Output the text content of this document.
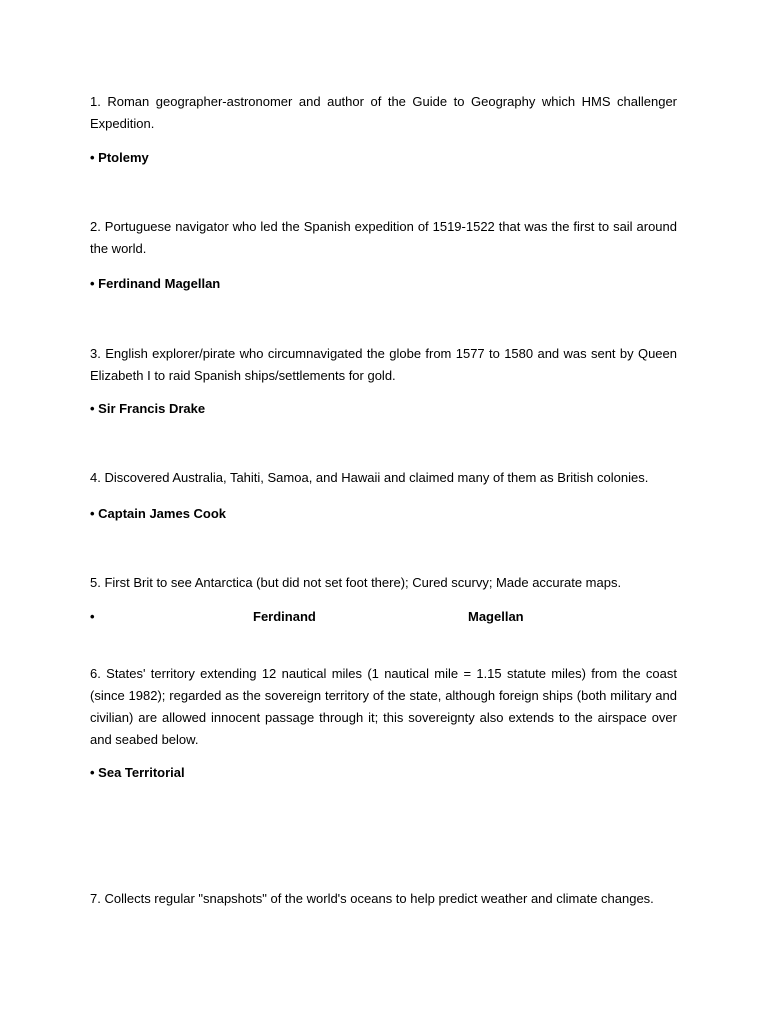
1. Roman geographer-astronomer and author of the Guide to Geography which HMS challenger Expedition.

• Ptolemy

2. Portuguese navigator who led the Spanish expedition of 1519-1522 that was the first to sail around the world.

• Ferdinand Magellan

3. English explorer/pirate who circumnavigated the globe from 1577 to 1580 and was sent by Queen Elizabeth I to raid Spanish ships/settlements for gold.

• Sir Francis Drake

4. Discovered Australia, Tahiti, Samoa, and Hawaii and claimed many of them as British colonies.

• Captain James Cook

5. First Brit to see Antarctica (but did not set foot there); Cured scurvy; Made accurate maps.

•	Ferdinand	Magellan

6. States' territory extending 12 nautical miles (1 nautical mile = 1.15 statute miles) from the coast (since 1982); regarded as the sovereign territory of the state, although foreign ships (both military and civilian) are allowed innocent passage through it; this sovereignty also extends to the airspace over and seabed below.

• Sea Territorial

7. Collects regular "snapshots" of the world's oceans to help predict weather and climate changes.
